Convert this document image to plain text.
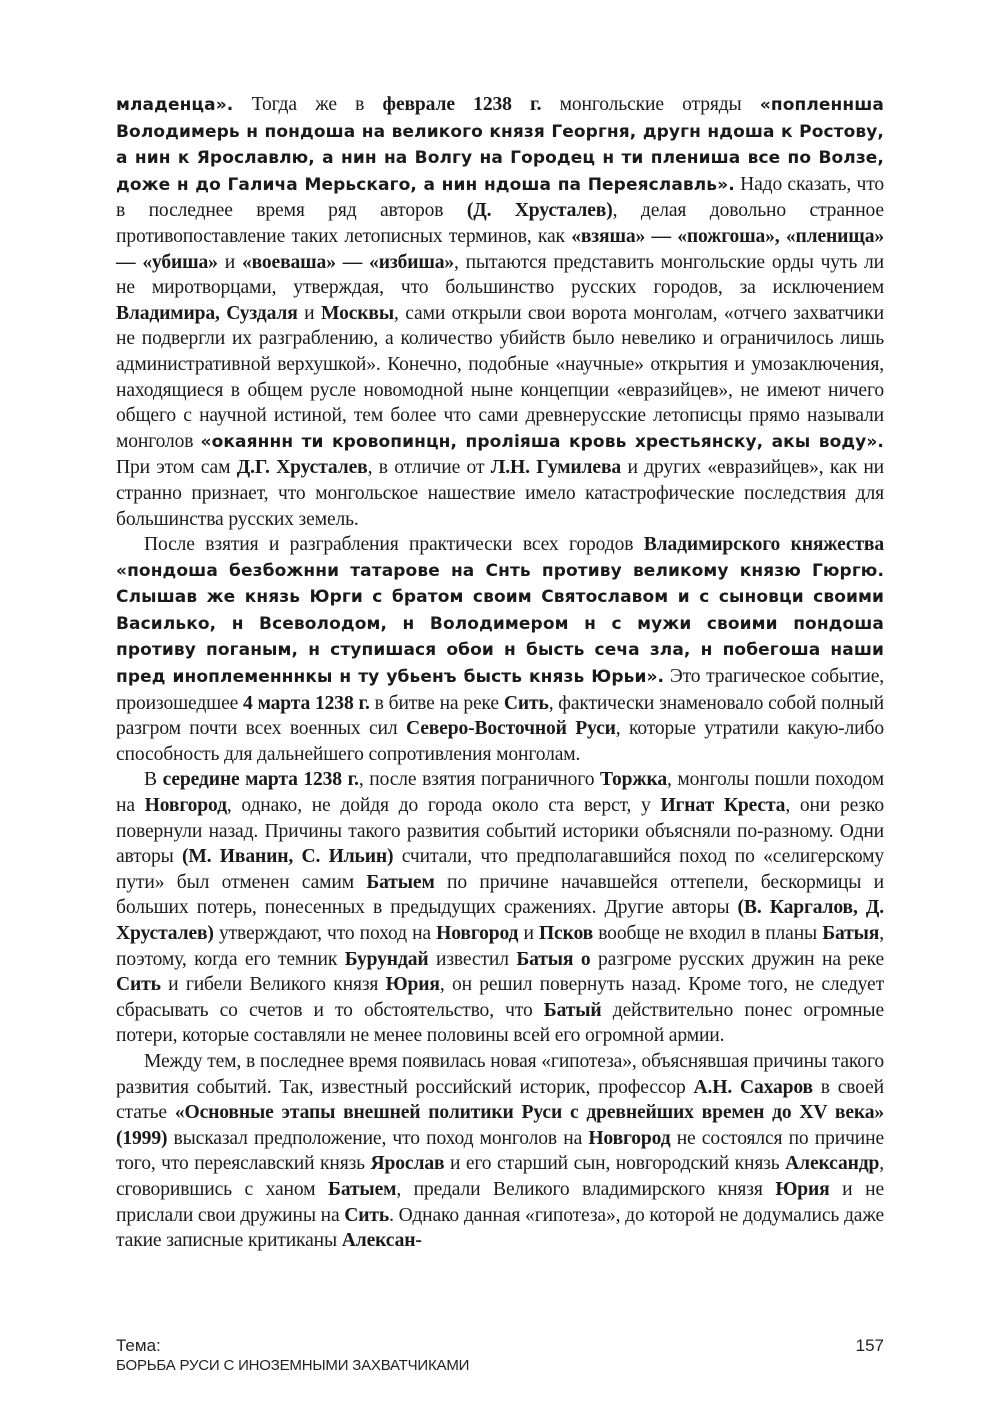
младенца». Тогда же в феврале 1238 г. монгольские отряды «попленнша Володимерь н пондоша на великого князя Георгня, другн ндоша к Ростову, а нин к Ярославлю, а нин на Волгу на Городец н ти плениша все по Волзе, доже н до Галича Мерьскаго, а нин ндоша па Переяславль». Надо сказать, что в последнее время ряд авторов (Д. Хрусталев), делая довольно странное противопоставление таких летописных терминов, как «взяша» — «пожгоша», «пленища» — «убиша» и «воеваша» — «избиша», пытаются представить монгольские орды чуть ли не миротворцами, утверждая, что большинство русских городов, за исключением Владимира, Суздаля и Москвы, сами открыли свои ворота монголам, «отчего захватчики не подвергли их разграблению, а количество убийств было невелико и ограничилось лишь административной верхушкой». Конечно, подобные «научные» открытия и умозаключения, находящиеся в общем русле новомодной ныне концепции «евразийцев», не имеют ничего общего с научной истиной, тем более что сами древнерусские летописцы прямо называли монголов «окаяннн ти кровопинцн, проліяша кровь хрестьянску, акы воду». При этом сам Д.Г. Хрусталев, в отличие от Л.Н. Гумилева и других «евразийцев», как ни странно признает, что монгольское нашествие имело катастрофические последствия для большинства русских земель.

После взятия и разграбления практически всех городов Владимирского княжества «пондоша безбожнни татарове на Снть противу великому князю Гюргю. Слышав же князь Юрги с братом своим Святославом и с сыновци своими Василько, н Всеволодом, н Володимером н с мужи своими пондоша противу поганым, н ступишася обои н бысть сеча зла, н побегоша наши пред иноплеменннкы н ту убьенъ бысть князь Юрьи». Это трагическое событие, произошедшее 4 марта 1238 г. в битве на реке Сить, фактически знаменовало собой полный разгром почти всех военных сил Северо-Восточной Руси, которые утратили какую-либо способность для дальнейшего сопротивления монголам.

В середине марта 1238 г., после взятия пограничного Торжка, монголы пошли походом на Новгород, однако, не дойдя до города около ста верст, у Игнат Креста, они резко повернули назад. Причины такого развития событий историки объясняли по-разному. Одни авторы (М. Иванин, С. Ильин) считали, что предполагавшийся поход по «селигерскому пути» был отменен самим Батыем по причине начавшейся оттепели, бескормицы и больших потерь, понесенных в предыдущих сражениях. Другие авторы (В. Каргалов, Д. Хрусталев) утверждают, что поход на Новгород и Псков вообще не входил в планы Батыя, поэтому, когда его темник Бурундай известил Батыя о разгроме русских дружин на реке Сить и гибели Великого князя Юрия, он решил повернуть назад. Кроме того, не следует сбрасывать со счетов и то обстоятельство, что Батый действительно понес огромные потери, которые составляли не менее половины всей его огромной армии.

Между тем, в последнее время появилась новая «гипотеза», объяснявшая причины такого развития событий. Так, известный российский историк, профессор А.Н. Сахаров в своей статье «Основные этапы внешней политики Руси с древнейших времен до XV века» (1999) высказал предположение, что поход монголов на Новгород не состоялся по причине того, что переяславский князь Ярослав и его старший сын, новгородский князь Александр, сговорившись с ханом Батыем, предали Великого владимирского князя Юрия и не прислали свои дружины на Сить. Однако данная «гипотеза», до которой не додумались даже такие записные критиканы Алексан-

Тема:
БОРЬБА РУСИ С ИНОЗЕМНЫМИ ЗАХВАТЧИКАМИ
157
